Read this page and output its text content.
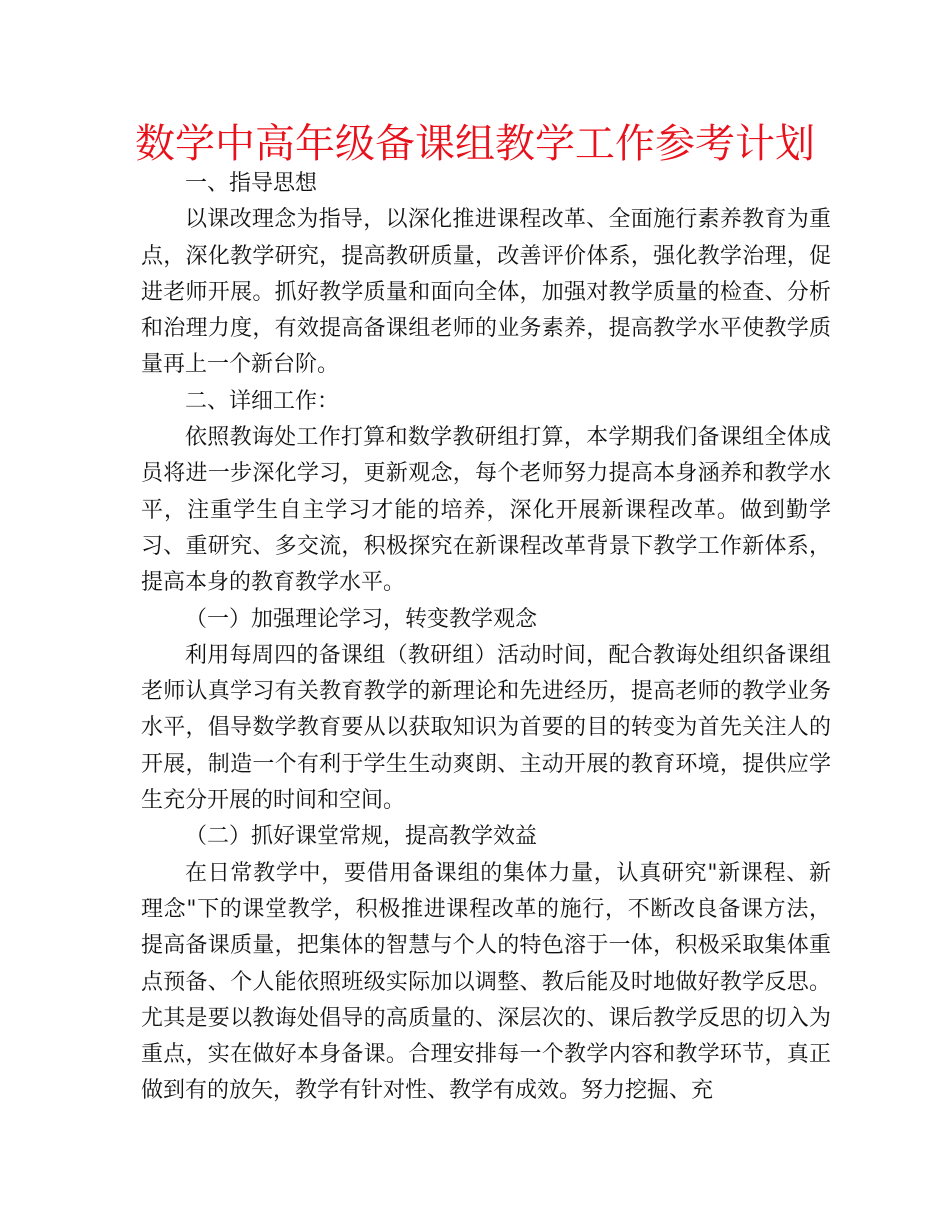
数学中高年级备课组教学工作参考计划

一、指导思想

以课改理念为指导，以深化推进课程改革、全面施行素养教育为重点，深化教学研究，提高教研质量，改善评价体系，强化教学治理，促进老师开展。抓好教学质量和面向全体，加强对教学质量的检查、分析和治理力度，有效提高备课组老师的业务素养，提高教学水平使教学质量再上一个新台阶。

二、详细工作：

依照教诲处工作打算和数学教研组打算，本学期我们备课组全体成员将进一步深化学习，更新观念，每个老师努力提高本身涵养和教学水平，注重学生自主学习才能的培养，深化开展新课程改革。做到勤学习、重研究、多交流，积极探究在新课程改革背景下教学工作新体系，提高本身的教育教学水平。

（一）加强理论学习，转变教学观念

利用每周四的备课组（教研组）活动时间，配合教诲处组织备课组老师认真学习有关教育教学的新理论和先进经历，提高老师的教学业务水平，倡导数学教育要从以获取知识为首要的目的转变为首先关注人的开展，制造一个有利于学生生动爽朗、主动开展的教育环境，提供应学生充分开展的时间和空间。

（二）抓好课堂常规，提高教学效益

在日常教学中，要借用备课组的集体力量，认真研究"新课程、新理念"下的课堂教学，积极推进课程改革的施行，不断改良备课方法，提高备课质量，把集体的智慧与个人的特色溶于一体，积极采取集体重点预备、个人能依照班级实际加以调整、教后能及时地做好教学反思。尤其是要以教诲处倡导的高质量的、深层次的、课后教学反思的切入为重点，实在做好本身备课。合理安排每一个教学内容和教学环节，真正做到有的放矢，教学有针对性、教学有成效。努力挖掘、充
